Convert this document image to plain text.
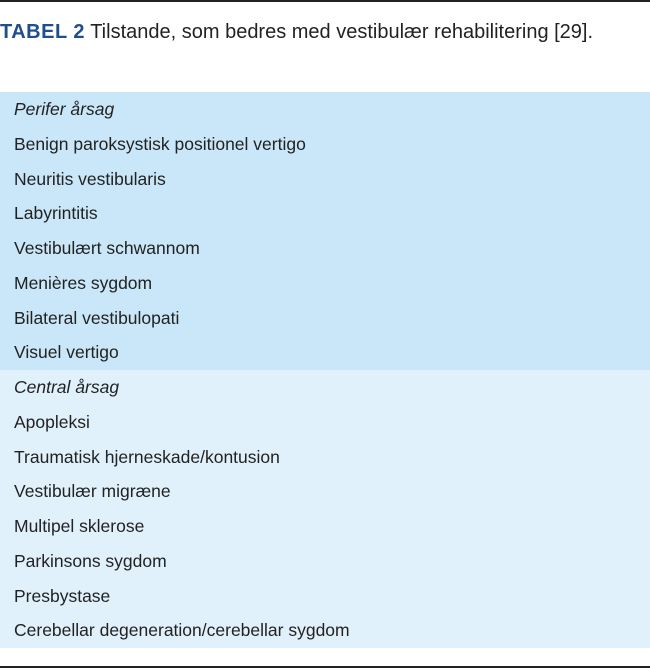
TABEL 2 Tilstande, som bedres med vestibulær rehabilitering [29].
Perifer årsag
Benign paroksystisk positionel vertigo
Neuritis vestibularis
Labyrintitis
Vestibulært schwannom
Menières sygdom
Bilateral vestibulopati
Visuel vertigo
Central årsag
Apopleksi
Traumatisk hjerneskade/kontusion
Vestibulær migræne
Multipel sklerose
Parkinsons sygdom
Presbystase
Cerebellar degeneration/cerebellar sygdom
